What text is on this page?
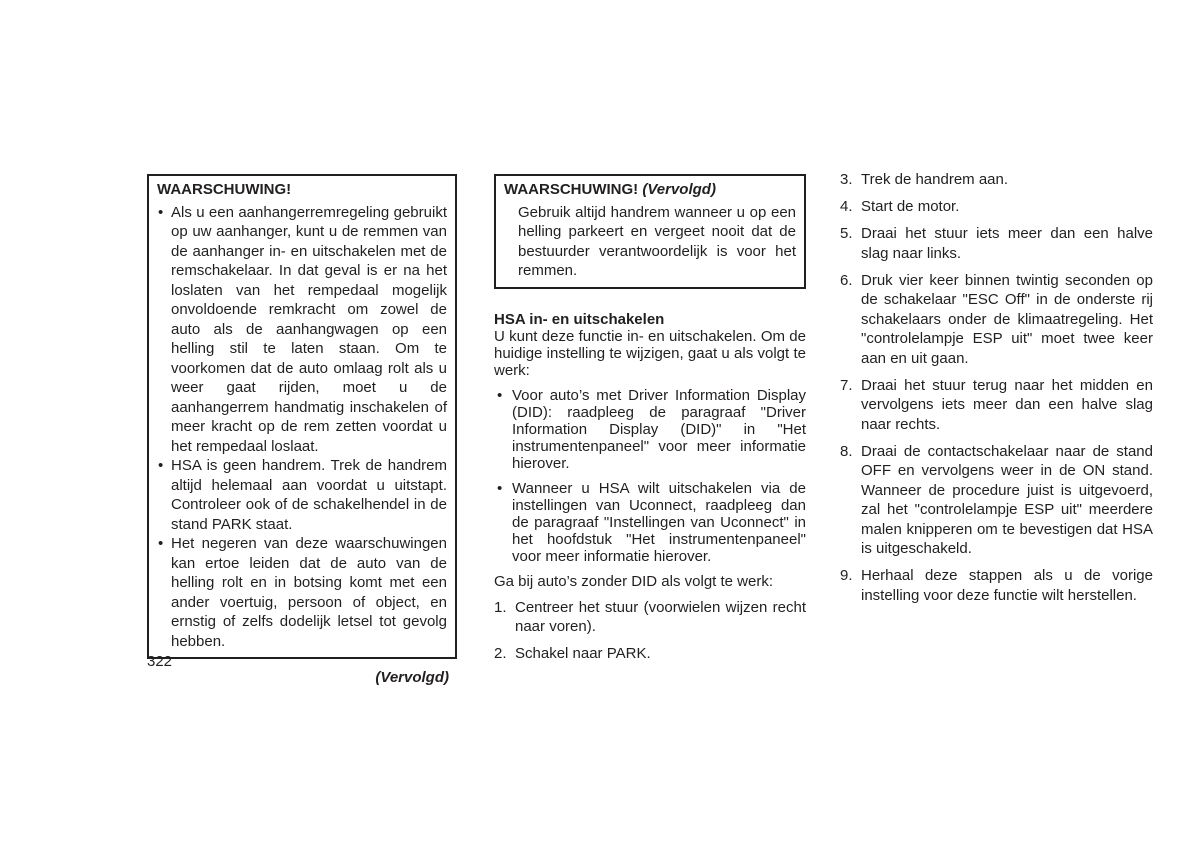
WAARSCHUWING!

• Als u een aanhangerremregeling gebruikt op uw aanhanger, kunt u de remmen van de aanhanger in- en uitschakelen met de remschakelaar. In dat geval is er na het loslaten van het rempedaal mogelijk onvoldoende remkracht om zowel de auto als de aanhangwagen op een helling stil te laten staan. Om te voorkomen dat de auto omlaag rolt als u weer gaat rijden, moet u de aanhangerrem handmatig inschakelen of meer kracht op de rem zetten voordat u het rempedaal loslaat.
• HSA is geen handrem. Trek de handrem altijd helemaal aan voordat u uitstapt. Controleer ook of de schakelhendel in de stand PARK staat.
• Het negeren van deze waarschuwingen kan ertoe leiden dat de auto van de helling rolt en in botsing komt met een ander voertuig, persoon of object, en ernstig of zelfs dodelijk letsel tot gevolg hebben.
(Vervolgd)
322

WAARSCHUWING! (Vervolgd)

Gebruik altijd handrem wanneer u op een helling parkeert en vergeet nooit dat de bestuurder verantwoordelijk is voor het remmen.

HSA in- en uitschakelen

U kunt deze functie in- en uitschakelen. Om de huidige instelling te wijzigen, gaat u als volgt te werk:

• Voor auto’s met Driver Information Display (DID): raadpleeg de paragraaf "Driver Information Display (DID)" in "Het instrumentenpaneel" voor meer informatie hierover.
• Wanneer u HSA wilt uitschakelen via de instellingen van Uconnect, raadpleeg dan de paragraaf "Instellingen van Uconnect" in het hoofdstuk "Het instrumentenpaneel" voor meer informatie hierover.

Ga bij auto’s zonder DID als volgt te werk:

1. Centreer het stuur (voorwielen wijzen recht naar voren).
2. Schakel naar PARK.
3. Trek de handrem aan.
4. Start de motor.
5. Draai het stuur iets meer dan een halve slag naar links.
6. Druk vier keer binnen twintig seconden op de schakelaar "ESC Off" in de onderste rij schakelaars onder de klimaatregeling. Het "controlelampje ESP uit" moet twee keer aan en uit gaan.
7. Draai het stuur terug naar het midden en vervolgens iets meer dan een halve slag naar rechts.
8. Draai de contactschakelaar naar de stand OFF en vervolgens weer in de ON stand. Wanneer de procedure juist is uitgevoerd, zal het "controlelampje ESP uit" meerdere malen knipperen om te bevestigen dat HSA is uitgeschakeld.
9. Herhaal deze stappen als u de vorige instelling voor deze functie wilt herstellen.
